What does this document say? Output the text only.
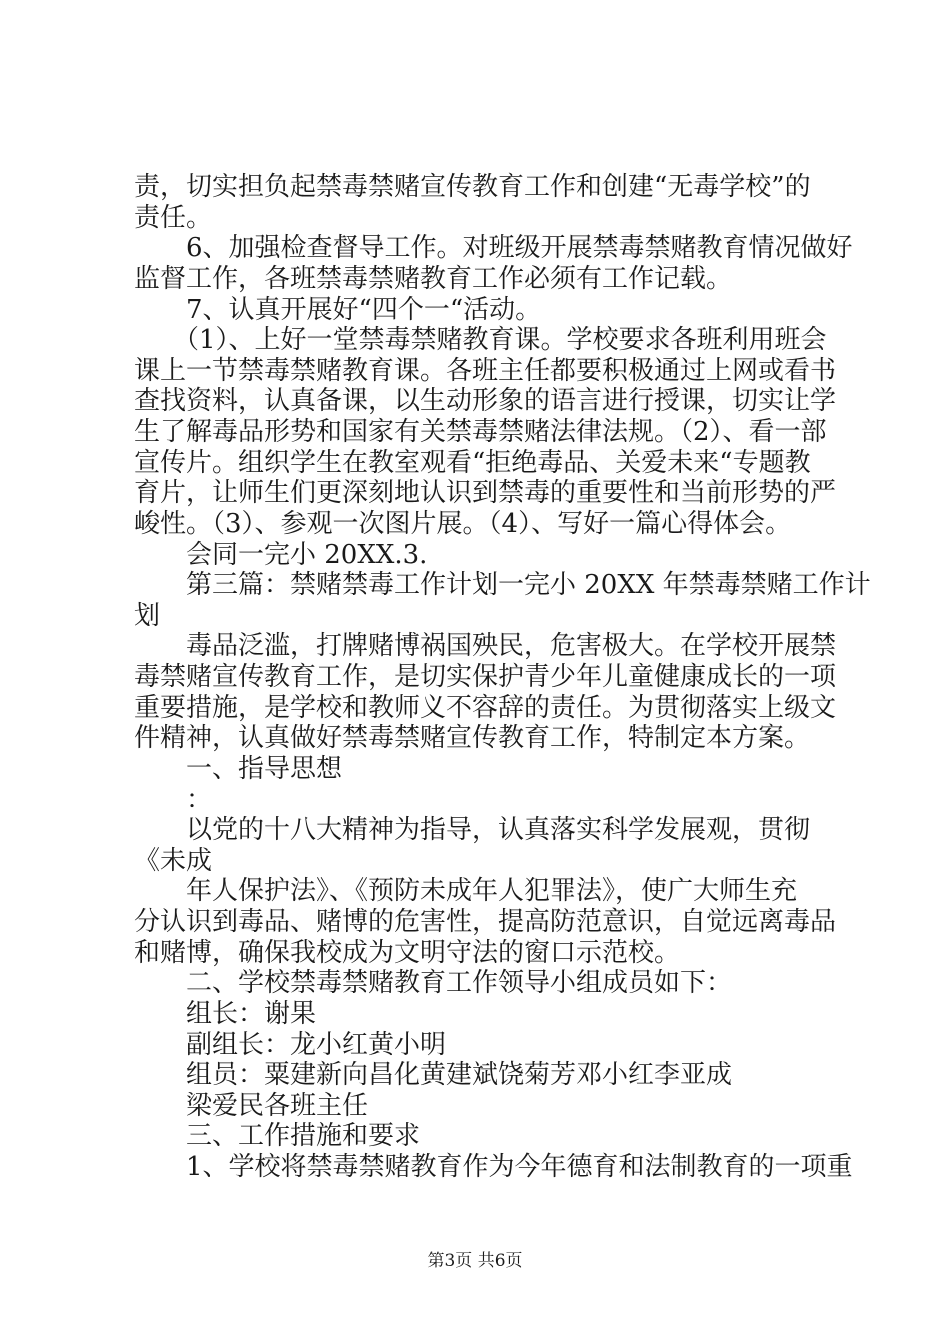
责，切实担负起禁毒禁赌宣传教育工作和创建“无毒学校”的
责任。
　　6、加强检查督导工作。对班级开展禁毒禁赌教育情况做好
监督工作，各班禁毒禁赌教育工作必须有工作记载。
　　7、认真开展好“四个一“活动。
　　（1）、上好一堂禁毒禁赌教育课。学校要求各班利用班会
课上一节禁毒禁赌教育课。各班主任都要积极通过上网或看书
查找资料，认真备课，以生动形象的语言进行授课，切实让学
生了解毒品形势和国家有关禁毒禁赌法律法规。（2）、看一部
宣传片。组织学生在教室观看“拒绝毒品、关爱未来“专题教
育片，让师生们更深刻地认识到禁毒的重要性和当前形势的严
峻性。（3）、参观一次图片展。（4）、写好一篇心得体会。
　　会同一完小 20XX.3.
　　第三篇：禁赌禁毒工作计划一完小 20XX 年禁毒禁赌工作计
划
　　毒品泛滥，打牌赌博祸国殃民，危害极大。在学校开展禁
毒禁赌宣传教育工作，是切实保护青少年儿童健康成长的一项
重要措施，是学校和教师义不容辞的责任。为贯彻落实上级文
件精神，认真做好禁毒禁赌宣传教育工作，特制定本方案。
　　一、指导思想
　　：
　　以党的十八大精神为指导，认真落实科学发展观，贯彻
《未成
　　年人保护法》、《预防未成年人犯罪法》，使广大师生充
分认识到毒品、赌博的危害性，提高防范意识，自觉远离毒品
和赌博，确保我校成为文明守法的窗口示范校。
　　二、学校禁毒禁赌教育工作领导小组成员如下：
　　组长：谢果
　　副组长：龙小红黄小明
　　组员：粟建新向昌化黄建斌饶菊芳邓小红李亚成
　　梁爱民各班主任
　　三、工作措施和要求
　　1、学校将禁毒禁赌教育作为今年德育和法制教育的一项重
第3页 共6页
